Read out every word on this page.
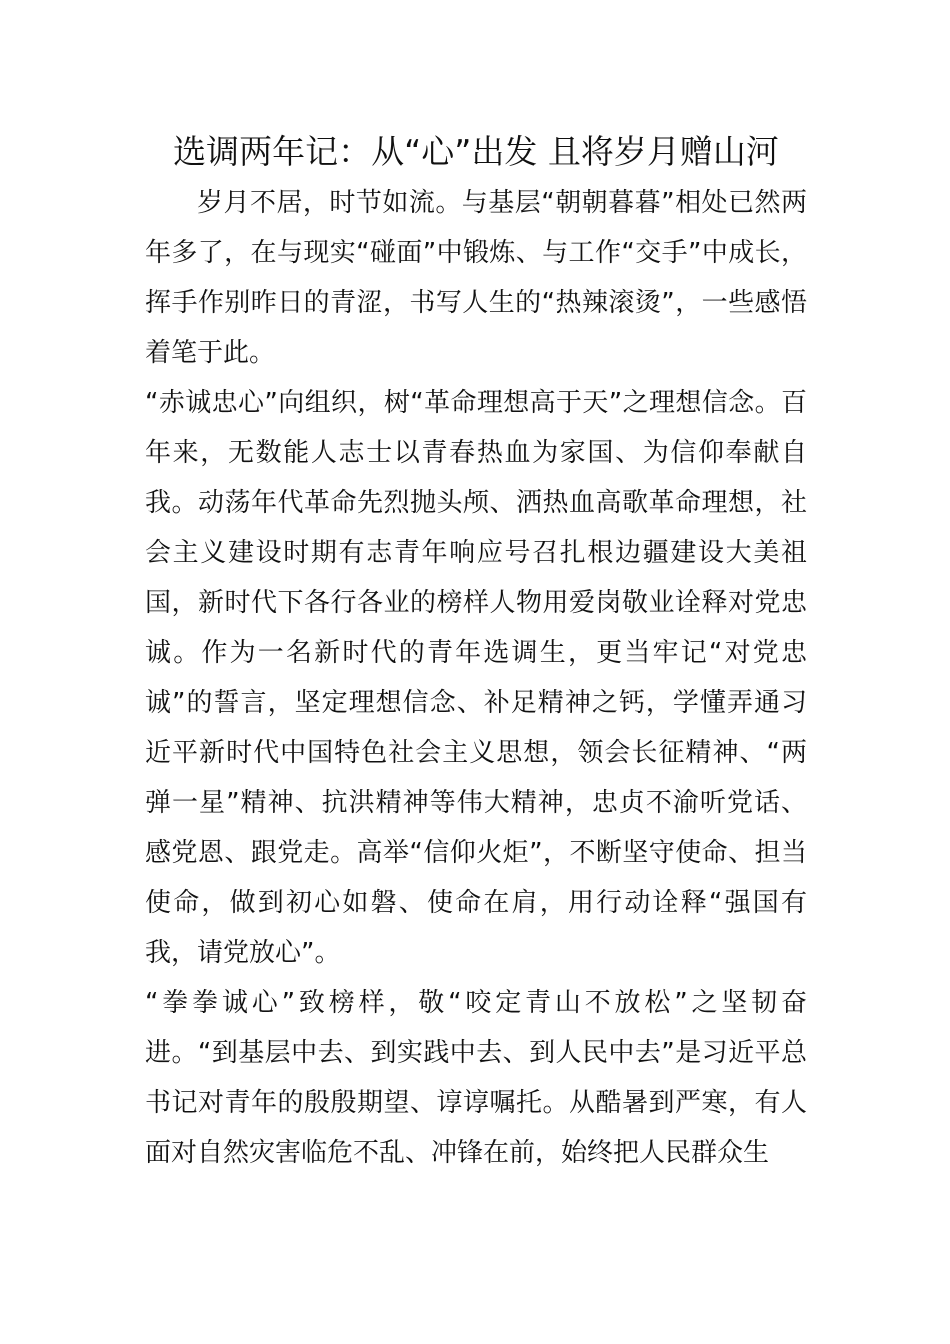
选调两年记：从“心”出发 且将岁月赠山河

岁月不居，时节如流。与基层“朝朝暮暮”相处已然两年多了，在与现实“碰面”中锻炼、与工作“交手”中成长，挥手作别昨日的青涩，书写人生的“热辣滚烫”，一些感悟着笔于此。

“赤诚忠心”向组织，树“革命理想高于天”之理想信念。百年来，无数能人志士以青春热血为家国、为信仰奉献自我。动荡年代革命先烈抛头颅、洒热血高歌革命理想，社会主义建设时期有志青年响应号召扎根边疆建设大美祖国，新时代下各行各业的榜样人物用爱岗敬业诠释对党忠诚。作为一名新时代的青年选调生，更当牢记“对党忠诚”的誓言，坚定理想信念、补足精神之钙，学懂弄通习近平新时代中国特色社会主义思想，领会长征精神、“两弹一星”精神、抗洪精神等伟大精神，忠贞不渝听党话、感党恩、跟党走。高举“信仰火炬”，不断坚守使命、担当使命，做到初心如磐、使命在肩，用行动诠释“强国有我，请党放心”。

“拳拳诚心”致榜样，敬“咬定青山不放松”之坚韧奋进。“到基层中去、到实践中去、到人民中去”是习近平总书记对青年的殷殷期望、谆谆嘱托。从酷暑到严寒，有人面对自然灾害临危不乱、冲锋在前，始终把人民群众生
